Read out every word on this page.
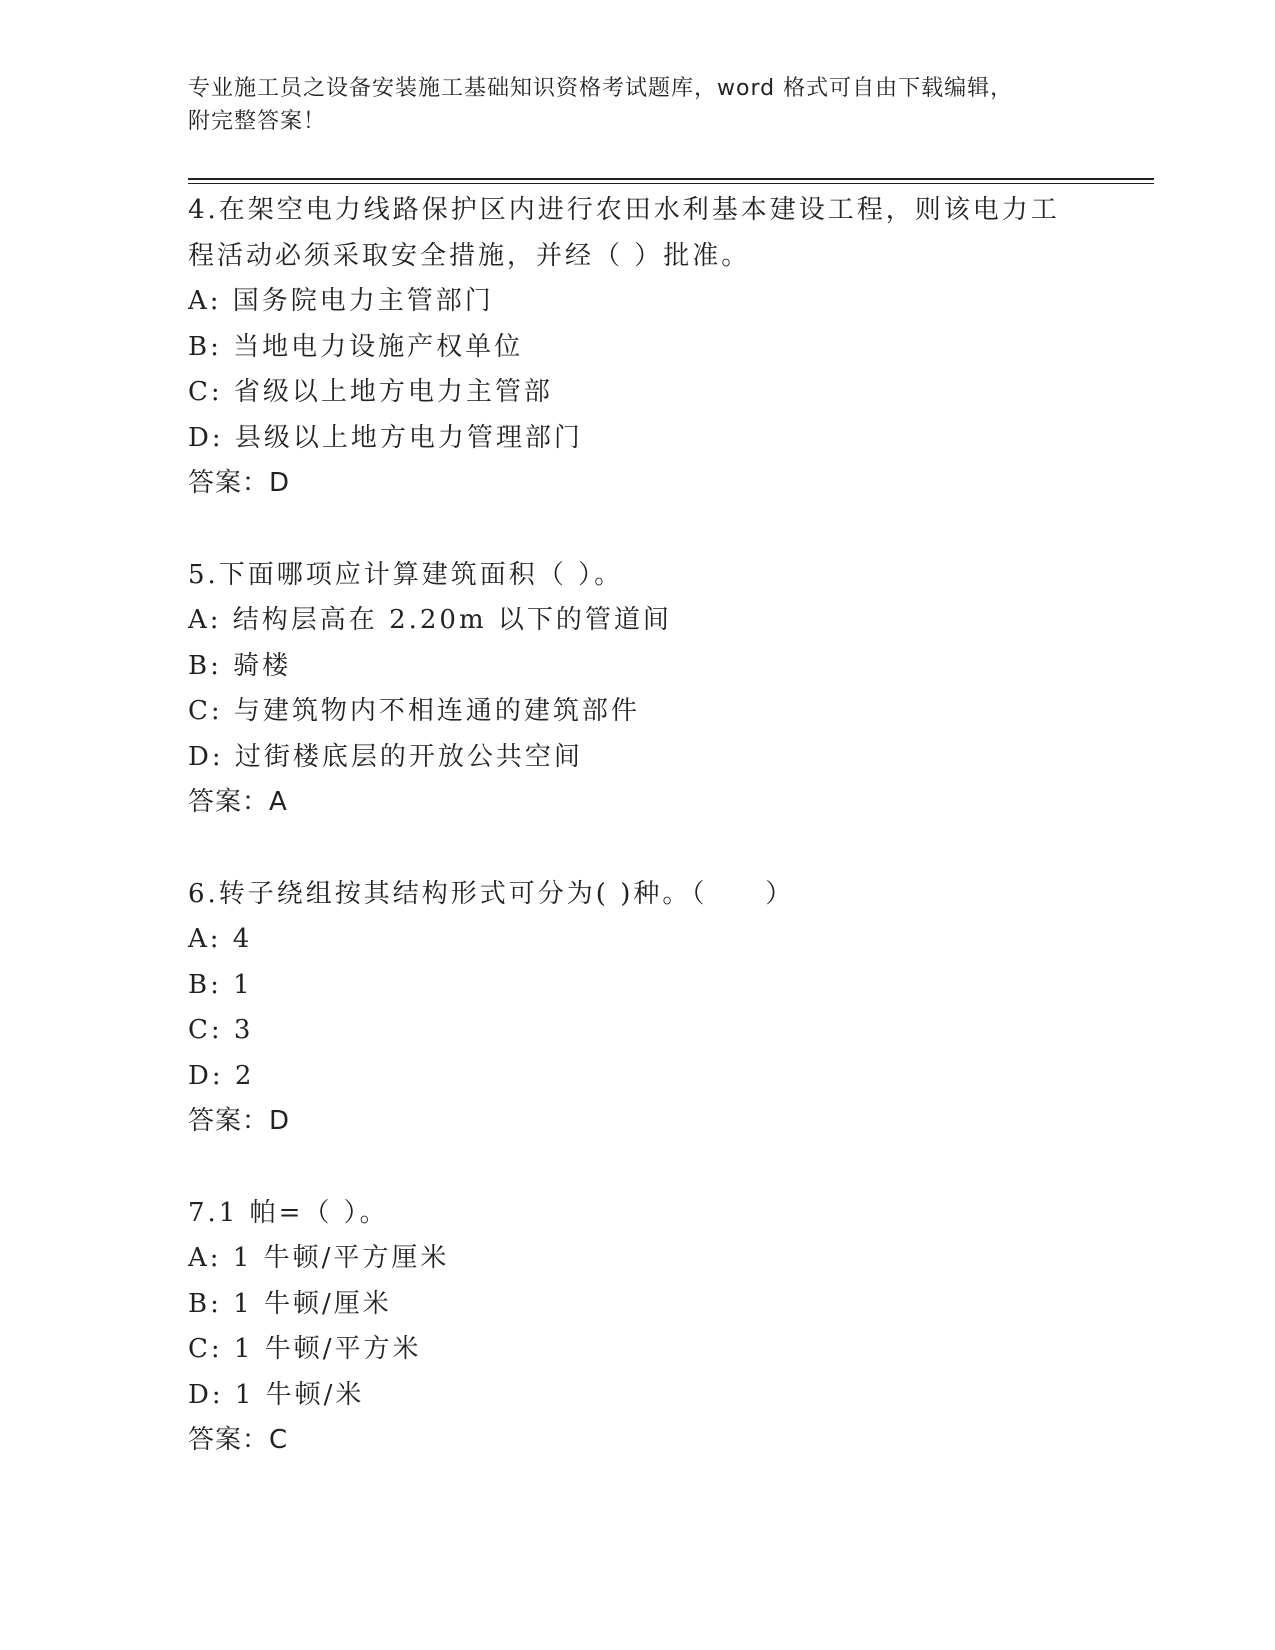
专业施工员之设备安装施工基础知识资格考试题库，word 格式可自由下载编辑，
附完整答案！
4.在架空电力线路保护区内进行农田水利基本建设工程，则该电力工
程活动必须采取安全措施，并经（ ）批准。
A: 国务院电力主管部门
B: 当地电力设施产权单位
C: 省级以上地方电力主管部
D: 县级以上地方电力管理部门
答案：D
5.下面哪项应计算建筑面积（ ）。
A: 结构层高在 2.20m 以下的管道间
B: 骑楼
C: 与建筑物内不相连通的建筑部件
D: 过街楼底层的开放公共空间
答案：A
6.转子绕组按其结构形式可分为( )种。（　　）
A: 4
B: 1
C: 3
D: 2
答案：D
7.1 帕=（ ）。
A: 1 牛顿/平方厘米
B: 1 牛顿/厘米
C: 1 牛顿/平方米
D: 1 牛顿/米
答案：C
